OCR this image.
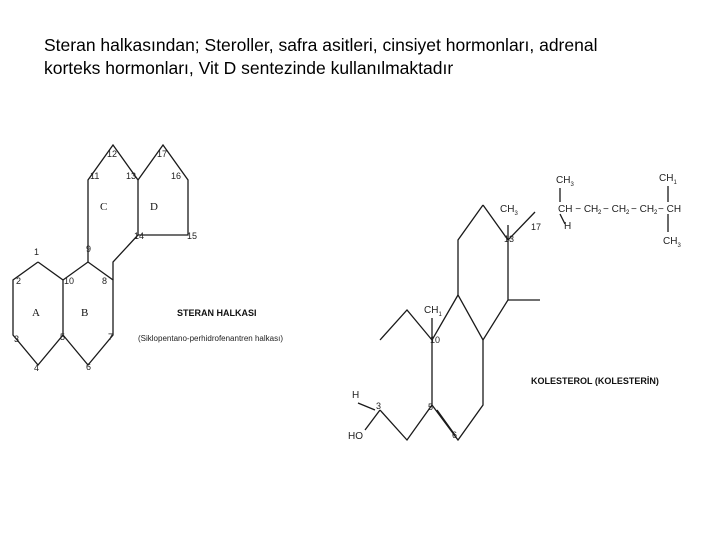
Steran halkasından; Steroller, safra asitleri, cinsiyet hormonları, adrenal
korteks hormonları, Vit D sentezinde kullanılmaktadır
1
2
3
4
5
6
7
8
9
10
11
12
13
14	15
16
17
A	B
C	D
STERAN HALKASI
(Siklopentano-perhidrofenantren halkası)
$CH_3$
$CH_1$
$CH_3$	CH − CH 2 − CH 2 − CH 2 − CH
$CH_3$
H
$CH_1$
17
13
10
3	5
6
H
HO
KOLESTEROL (KOLESTERİN)
